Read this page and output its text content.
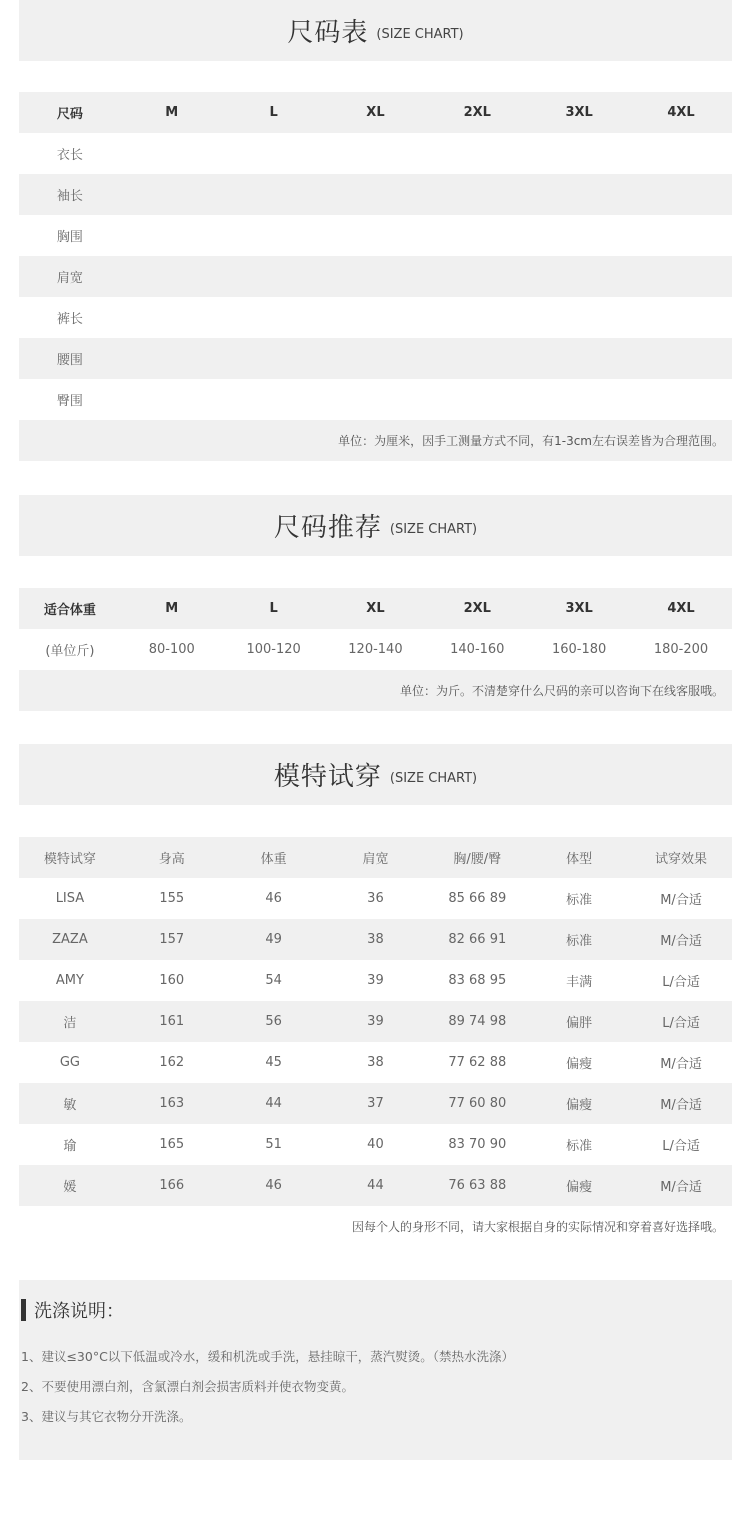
尺码表 (SIZE CHART)
尺码	M	L	XL	2XL	3XL	4XL
衣长						
袖长						
胸围						
肩宽						
裤长						
腰围						
臀围						
单位：为厘米，因手工测量方式不同，有1-3cm左右误差皆为合理范围。
尺码推荐 (SIZE CHART)
适合体重	M	L	XL	2XL	3XL	4XL
(单位斤)	80-100	100-120	120-140	140-160	160-180	180-200
单位：为斤。不清楚穿什么尺码的亲可以咨询下在线客服哦。
模特试穿 (SIZE CHART)
模特试穿	身高	体重	肩宽	胸/腰/臀	体型	试穿效果
LISA	155	46	36	85 66 89	标准	M/合适
ZAZA	157	49	38	82 66 91	标准	M/合适
AMY	160	54	39	83 68 95	丰满	L/合适
洁	161	56	39	89 74 98	偏胖	L/合适
GG	162	45	38	77 62 88	偏瘦	M/合适
敏	163	44	37	77 60 80	偏瘦	M/合适
瑜	165	51	40	83 70 90	标准	L/合适
媛	166	46	44	76 63 88	偏瘦	M/合适
因每个人的身形不同，请大家根据自身的实际情况和穿着喜好选择哦。
洗涤说明：
1、建议≤30°C以下低温或冷水，缓和机洗或手洗，悬挂晾干，蒸汽熨烫。（禁热水洗涤）
2、不要使用漂白剂，含氯漂白剂会损害质料并使衣物变黄。
3、建议与其它衣物分开洗涤。
